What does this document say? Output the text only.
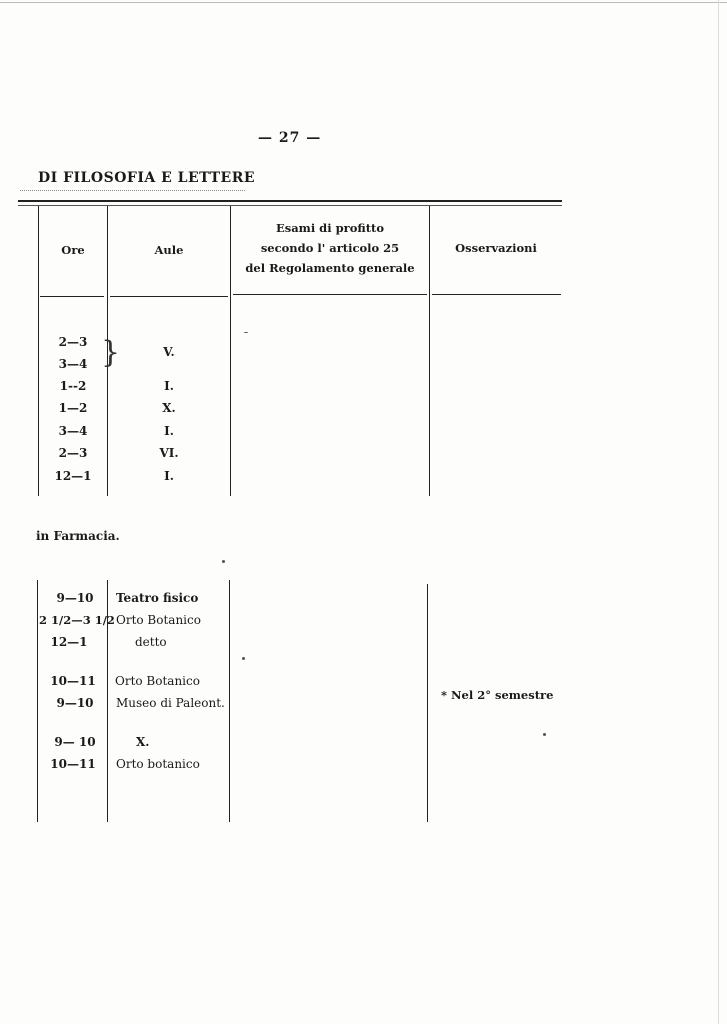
— 27 —
DI FILOSOFIA E LETTERE
Ore	Aule
Esami di profitto
secondo l' articolo 25
del Regolamento generale
Osservazioni
2—3
3—4
1--2
1—2
3—4
2—3
12—1
}	V.
I.
X.
I.
VI.
I.
in Farmacia.
9—10
2 1/2—3 1/2
12—1
10—11
9—10
9— 10
10—11
Teatro fisico
Orto Botanico
detto
Orto Botanico
Museo di Paleont.
X.
Orto botanico
* Nel 2° semestre
